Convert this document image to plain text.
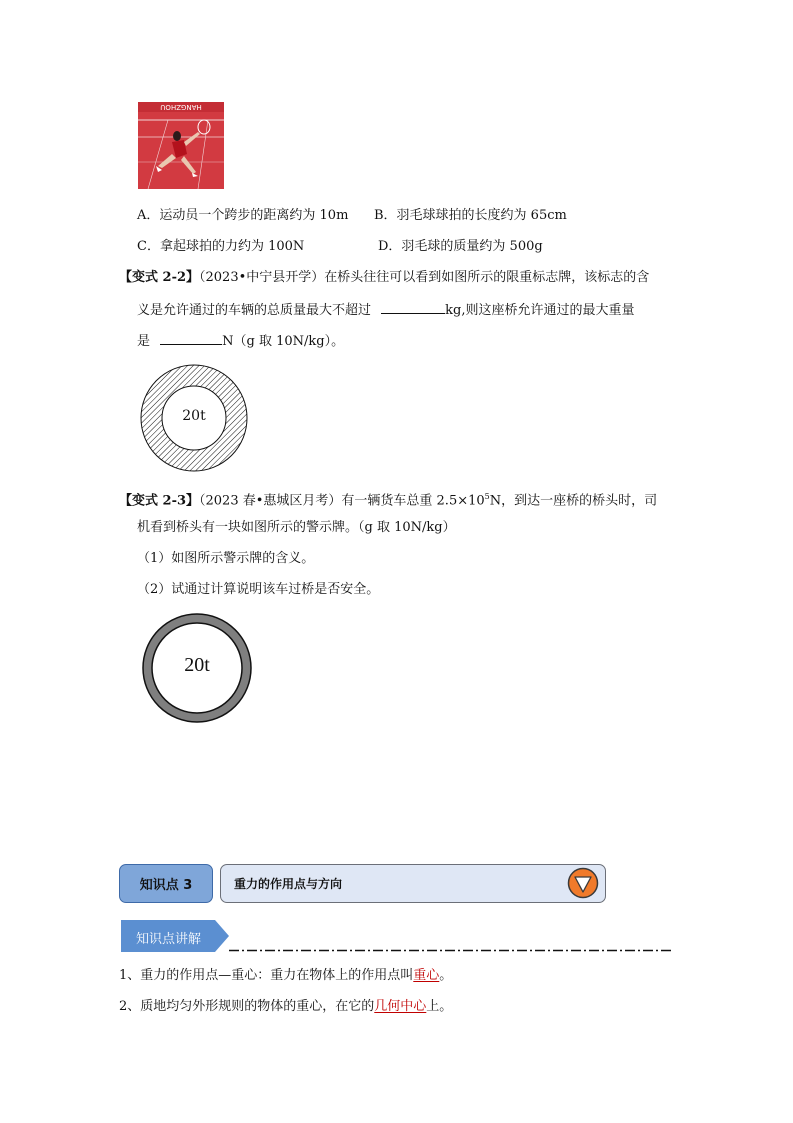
HANGZHOU
A．运动员一个跨步的距离约为 10m B．羽毛球球拍的长度约为 65cm
C．拿起球拍的力约为 100N	D．羽毛球的质量约为 500g
【变式 2-2】（2023•中宁县开学）在桥头往往可以看到如图所示的限重标志牌，该标志的含
义是允许通过的车辆的总质量最大不超过	kg,则这座桥允许通过的最大重量
是	N（g 取 10N/kg）。
20t
【变式 2-3】（2023 春•惠城区月考）有一辆货车总重 $2.5\times 10^5N$，到达一座桥的桥头时，司
机看到桥头有一块如图所示的警示牌。（g 取 10N/kg）
（1）如图所示警示牌的含义。
（2）试通过计算说明该车过桥是否安全。
20t
知识点 3	重力的作用点与方向
知识点讲解
1、重力的作用点—重心：重力在物体上的作用点叫重心。
2、质地均匀外形规则的物体的重心，在它的几何中心上。
